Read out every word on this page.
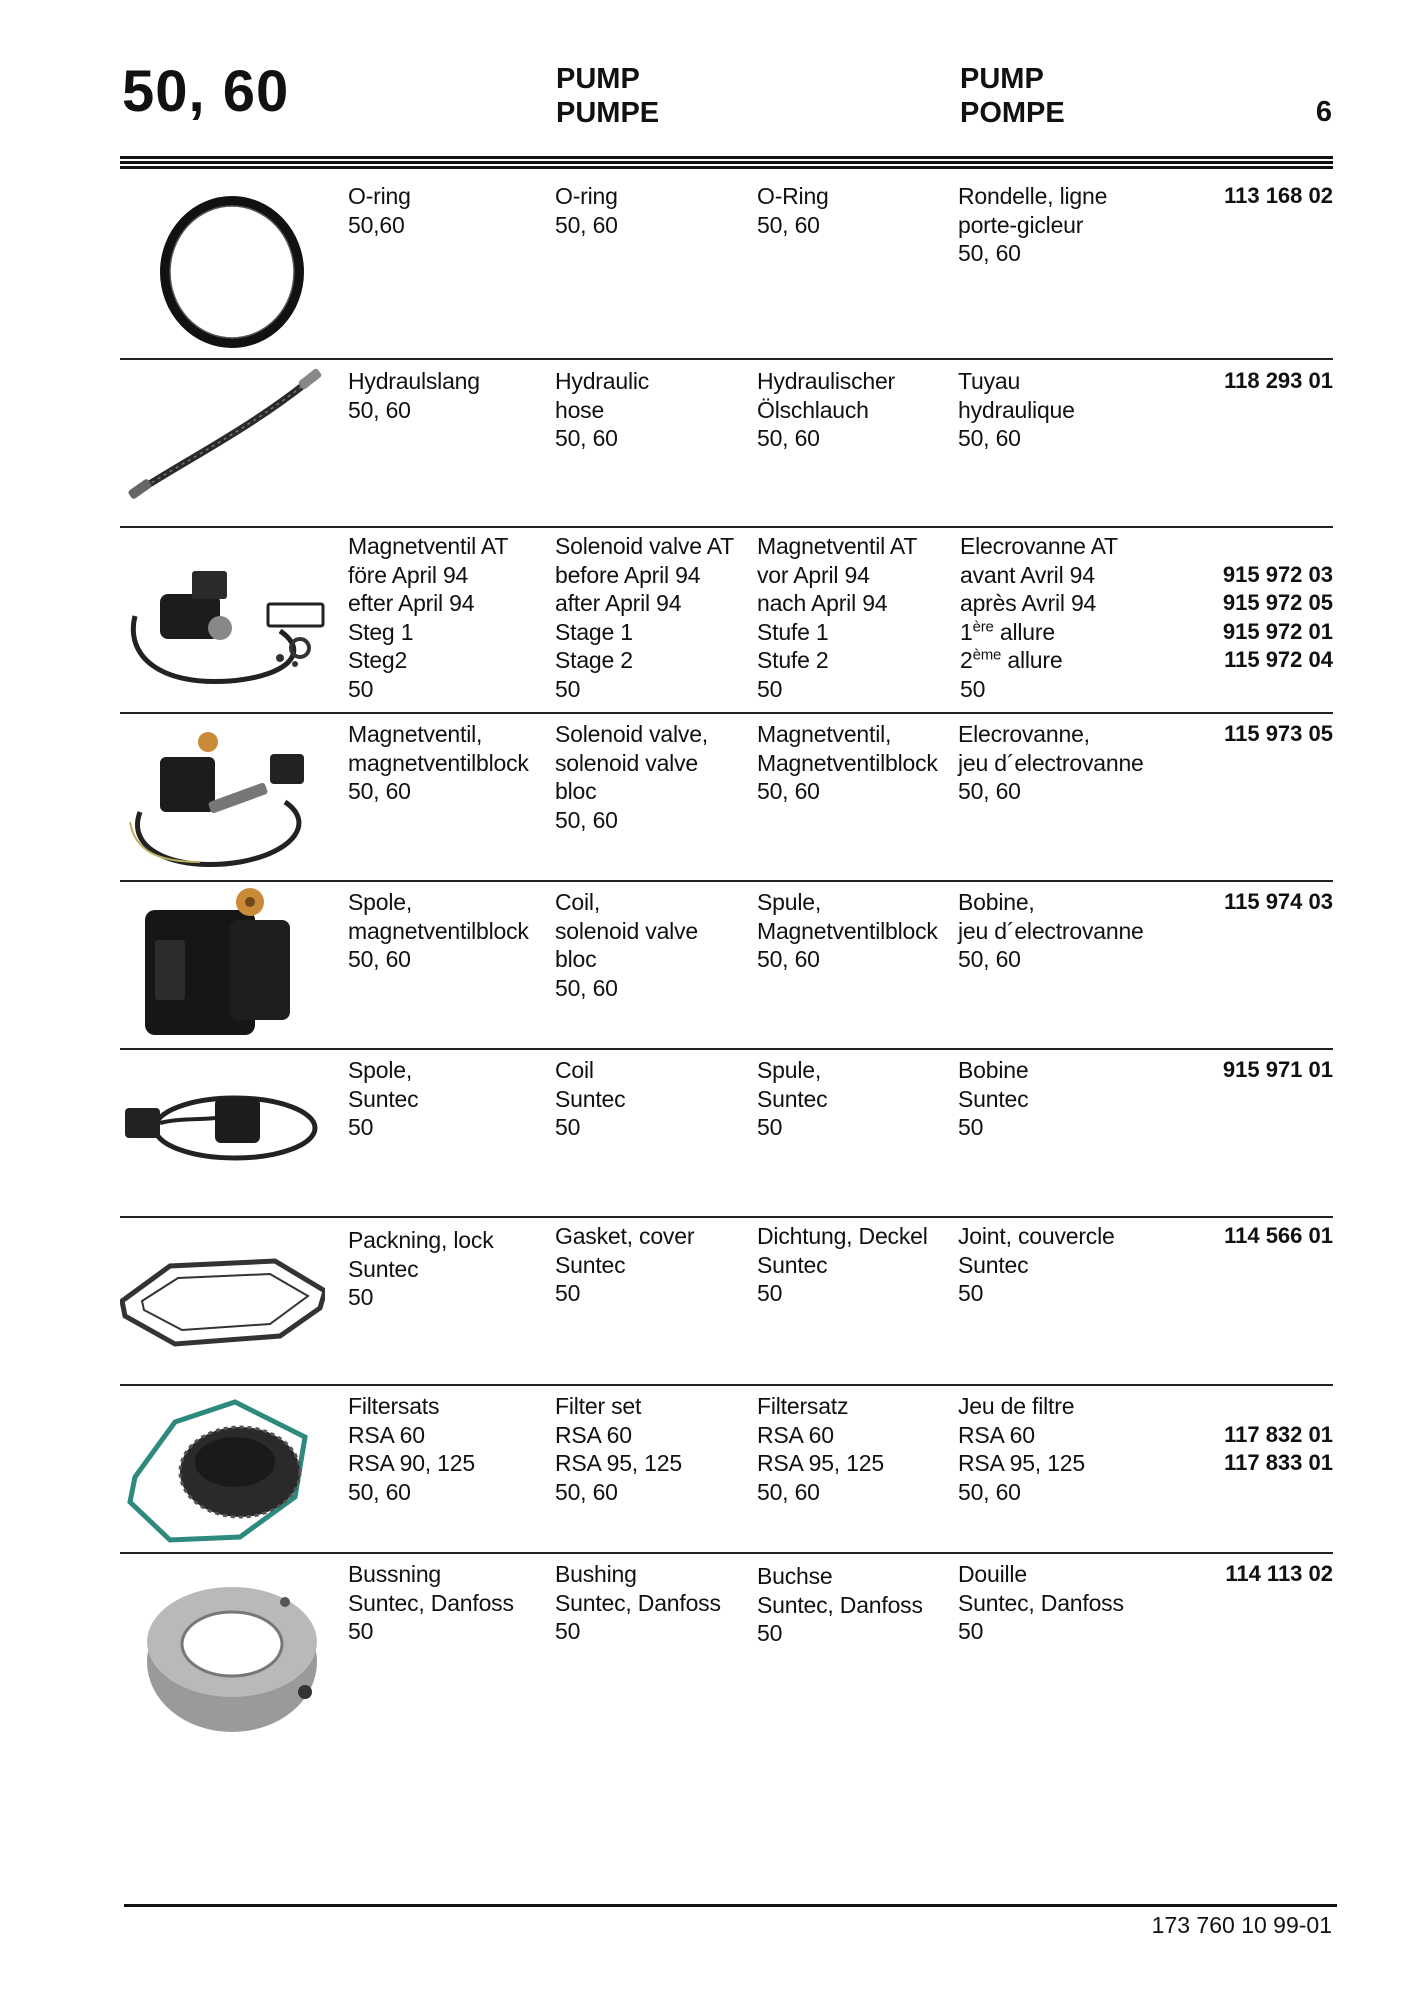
50, 60	PUMP
PUMPE
PUMP
POMPE	6
O-ring
50,60
O-ring
50, 60
O-Ring
50, 60
Rondelle, ligne
porte-gicleur
50, 60
113 168 02
Hydraulslang
50, 60
Hydraulic
hose
50, 60
Hydraulischer
Ölschlauch
50, 60
Tuyau
hydraulique
50, 60
118 293 01
Magnetventil AT
före April 94
efter April 94
Steg 1
Steg2
50
Solenoid valve AT
before April 94
after April 94
Stage 1
Stage 2
50
Magnetventil AT
vor April 94
nach April 94
Stufe 1
Stufe 2
50
Elecrovanne AT
avant Avril 94
après Avril 94
1ère allure
2ème allure
50
915 972 03
915 972 05
915 972 01
115 972 04
Magnetventil,
magnetventilblock
50, 60
Solenoid valve,
solenoid valve
bloc
50, 60
Magnetventil,
Magnetventilblock
50, 60
Elecrovanne,
jeu d´electrovanne
50, 60
115 973 05
Spole,
magnetventilblock
50, 60
Coil,
solenoid valve
bloc
50, 60
Spule,
Magnetventilblock
50, 60
Bobine,
jeu d´electrovanne
50, 60
115 974 03
Spole,
Suntec
50
Coil
Suntec
50
Spule,
Suntec
50
Bobine
Suntec
50
915 971 01
Packning, lock
Suntec
50
Gasket, cover
Suntec
50
Dichtung, Deckel
Suntec
50
Joint, couvercle
Suntec
50
114 566 01
Filtersats
RSA 60
RSA 90, 125
50, 60
Filter set
RSA 60
RSA 95, 125
50, 60
Filtersatz
RSA 60
RSA 95, 125
50, 60
Jeu de filtre
RSA 60
RSA 95, 125
50, 60
117 832 01
117 833 01
Bussning
Suntec, Danfoss
50
Bushing
Suntec, Danfoss
50
Buchse
Suntec, Danfoss
50
Douille
Suntec, Danfoss
50
114 113 02
173 760 10 99-01
